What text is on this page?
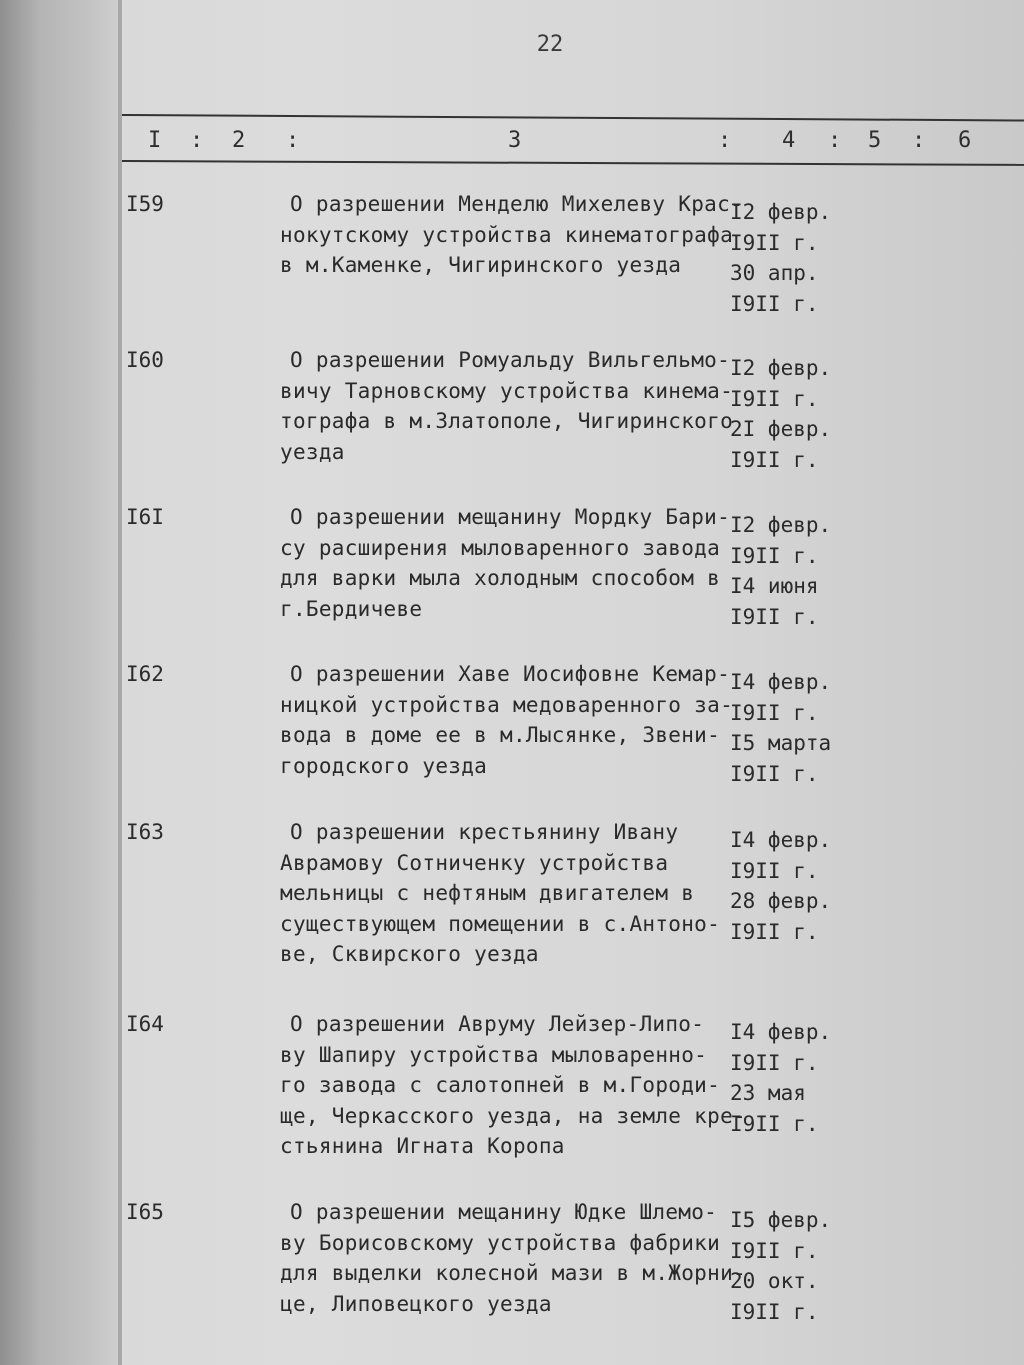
22
I : 2 :	3	: 4 : 5 : 6
I59	О разрешении Менделю Михелеву Крас-
нокутскому устройства кинематографа
в м.Каменке, Чигиринского уезда
I2 февр.
I9II г.
30 апр.
I9II г.
I60	О разрешении Ромуальду Вильгельмо-
вичу Тарновскому устройства кинема-
тографа в м.Златополе, Чигиринского
уезда
I2 февр.
I9II г.
2I февр.
I9II г.
I6I	О разрешении мещанину Мордку Бари-
су расширения мыловаренного завода
для варки мыла холодным способом в
г.Бердичеве
I2 февр.
I9II г.
I4 июня
I9II г.
I62	О разрешении Хаве Иосифовне Кемар-
ницкой устройства медоваренного за-
вода в доме ее в м.Лысянке, Звени-
городского уезда
I4 февр.
I9II г.
I5 марта
I9II г.
I63	О разрешении крестьянину Ивану
Аврамову Сотниченку устройства
мельницы с нефтяным двигателем в
существующем помещении в с.Антоно-
ве, Сквирского уезда
I4 февр.
I9II г.
28 февр.
I9II г.
I64	О разрешении Авруму Лейзер-Липо-
ву Шапиру устройства мыловаренно-
го завода с салотопней в м.Городи-
ще, Черкасского уезда, на земле кре-
стьянина Игната Коропа
I4 февр.
I9II г.
23 мая
I9II г.
I65	О разрешении мещанину Юдке Шлемо-
ву Борисовскому устройства фабрики
для выделки колесной мази в м.Жорни-
це, Липовецкого уезда
I5 февр.
I9II г.
20 окт.
I9II г.
